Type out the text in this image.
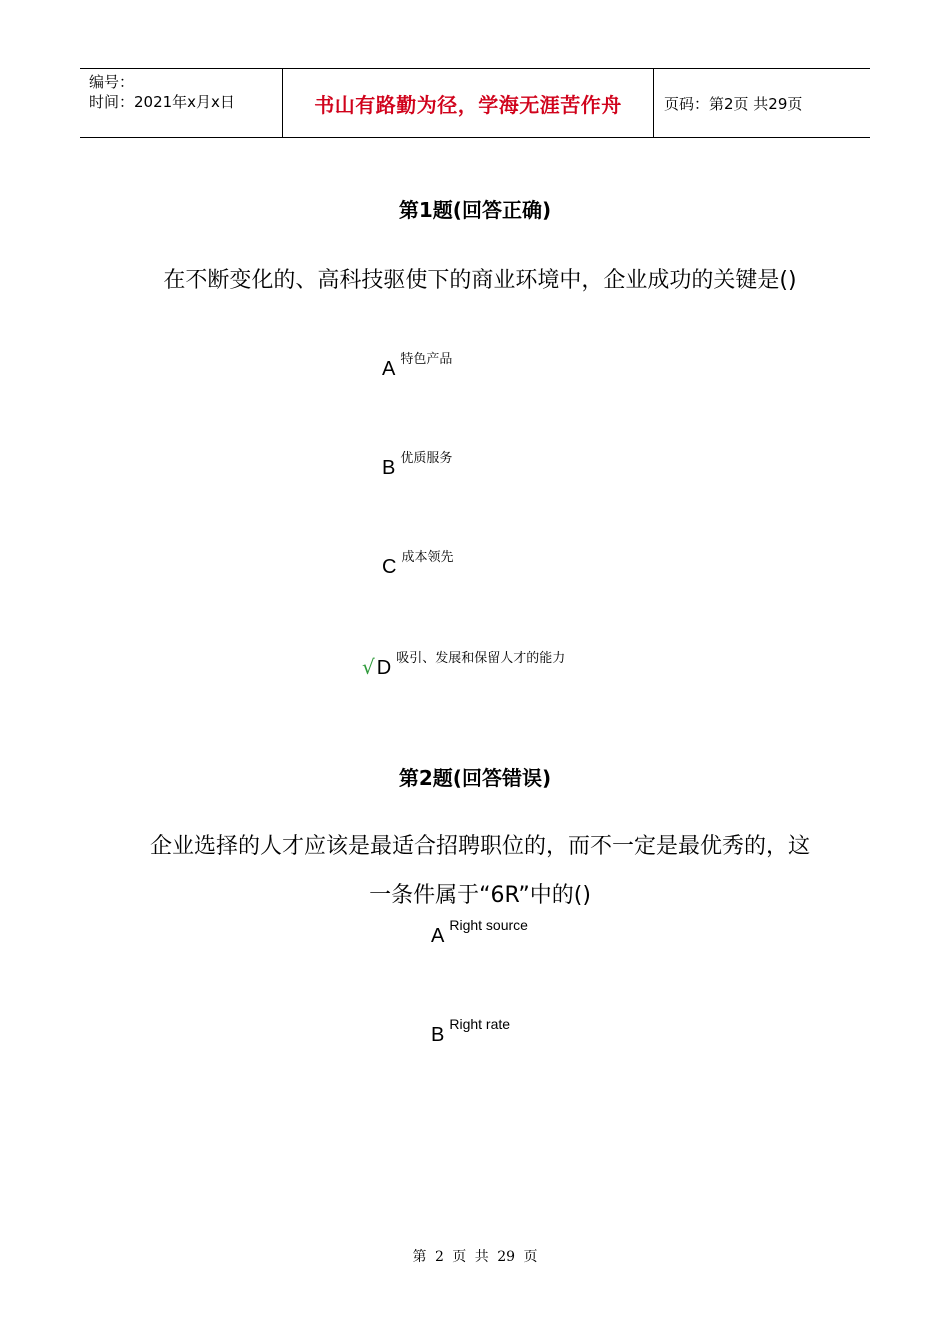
编号：
时间：2021年x月x日	书山有路勤为径，学海无涯苦作舟	页码：第2页 共29页
第1题(回答正确)
在不断变化的、高科技驱使下的商业环境中，企业成功的关键是()
A $^{特色产品}$
B $^{优质服务}$
C $^{成本领先}$
√ D $^{吸引、发展和保留人才的能力}$
第2题(回答错误)
企业选择的人才应该是最适合招聘职位的，而不一定是最优秀的，这一条件属于“6R”中的()
A Right source
B Right rate
第 2 页 共 29 页
